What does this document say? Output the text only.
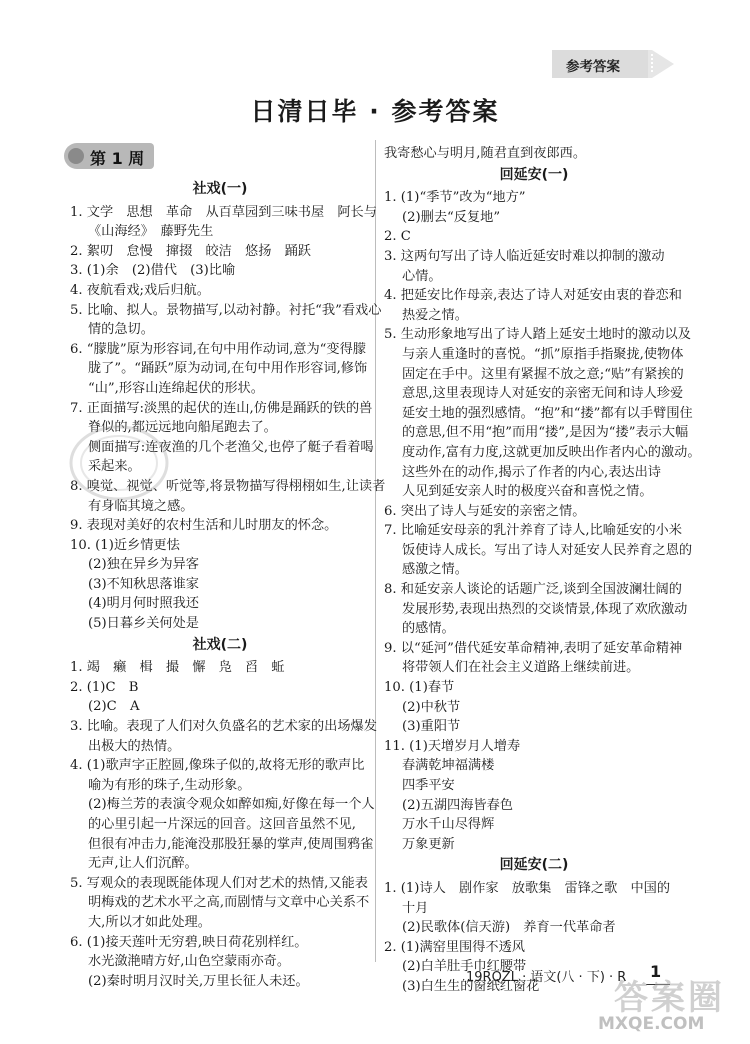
参考答案
日清日毕 · 参考答案
第 1 周
社戏(一)
1. 文学　思想　革命　从百草园到三味书屋　阿长与
《山海经》　藤野先生
2. 絮叨　怠慢　撺掇　皎洁　悠扬　踊跃
3. (1)余　(2)借代　(3)比喻
4. 夜航看戏;戏后归航。
5. 比喻、拟人。景物描写,以动衬静。衬托“我”看戏心
情的急切。
6. “朦胧”原为形容词,在句中用作动词,意为“变得朦
胧了”。“踊跃”原为动词,在句中用作形容词,修饰
“山”,形容山连绵起伏的形状。
7. 正面描写:淡黑的起伏的连山,仿佛是踊跃的铁的兽
脊似的,都远远地向船尾跑去了。
侧面描写:连夜渔的几个老渔父,也停了艇子看着喝
采起来。
8. 嗅觉、视觉、听觉等,将景物描写得栩栩如生,让读者
有身临其境之感。
9. 表现对美好的农村生活和儿时朋友的怀念。
10. (1)近乡情更怯
(2)独在异乡为异客
(3)不知秋思落谁家
(4)明月何时照我还
(5)日暮乡关何处是
社戏(二)
1. 竭　癞　楫　撮　懈　凫　舀　蚯
2. (1)C　B
(2)C　A
3. 比喻。表现了人们对久负盛名的艺术家的出场爆发
出极大的热情。
4. (1)歌声字正腔圆,像珠子似的,故将无形的歌声比
喻为有形的珠子,生动形象。
(2)梅兰芳的表演令观众如醉如痴,好像在每一个人
的心里引起一片深远的回音。这回音虽然不见,
但很有冲击力,能淹没那股狂暴的掌声,使周围鸦雀
无声,让人们沉醉。
5. 写观众的表现既能体现人们对艺术的热情,又能表
明梅戏的艺术水平之高,而剧情与文章中心关系不
大,所以才如此处理。
6. (1)接天莲叶无穷碧,映日荷花别样红。
水光潋滟晴方好,山色空蒙雨亦奇。
(2)秦时明月汉时关,万里长征人未还。
我寄愁心与明月,随君直到夜郎西。
回延安(一)
1. (1)“季节”改为“地方”
(2)删去“反复地”
2. C
3. 这两句写出了诗人临近延安时难以抑制的激动
心情。
4. 把延安比作母亲,表达了诗人对延安由衷的眷恋和
热爱之情。
5. 生动形象地写出了诗人踏上延安土地时的激动以及
与亲人重逢时的喜悦。“抓”原指手指聚拢,使物体
固定在手中。这里有紧握不放之意;“贴”有紧挨的
意思,这里表现诗人对延安的亲密无间和诗人珍爱
延安土地的强烈感情。“抱”和“搂”都有以手臂围住
的意思,但不用“抱”而用“搂”,是因为“搂”表示大幅
度动作,富有力度,这就更加反映出作者内心的激动。
这些外在的动作,揭示了作者的内心,表达出诗
人见到延安亲人时的极度兴奋和喜悦之情。
6. 突出了诗人与延安的亲密之情。
7. 比喻延安母亲的乳汁养育了诗人,比喻延安的小米
饭使诗人成长。写出了诗人对延安人民养育之恩的
感激之情。
8. 和延安亲人谈论的话题广泛,谈到全国波澜壮阔的
发展形势,表现出热烈的交谈情景,体现了欢欣激动
的感情。
9. 以“延河”借代延安革命精神,表明了延安革命精神
将带领人们在社会主义道路上继续前进。
10. (1)春节
(2)中秋节
(3)重阳节
11. (1)天增岁月人增寿
春满乾坤福满楼
四季平安
(2)五湖四海皆春色
万水千山尽得辉
万象更新
回延安(二)
1. (1)诗人　剧作家　放歌集　雷锋之歌　中国的
十月
(2)民歌体(信天游)　养育一代革命者
2. (1)满窑里围得不透风
(2)白羊肚手巾红腰带
(3)白生生的窗纸红窗花
19RQZL · 语文(八 · 下) · R 1
答案圈
MXQE.COM
